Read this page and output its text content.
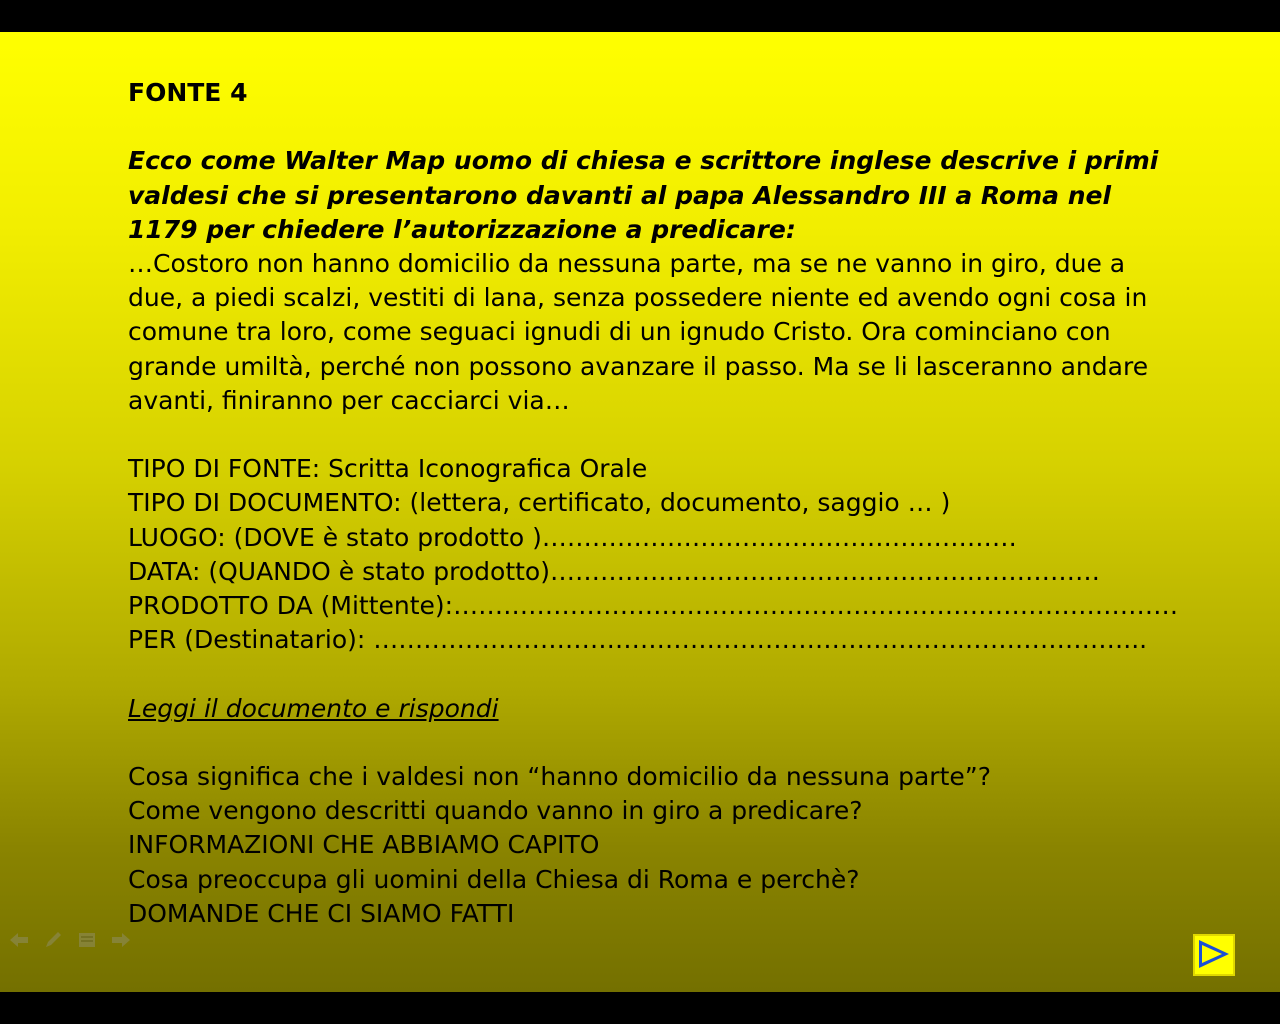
FONTE 4
Ecco come Walter Map uomo di chiesa e scrittore inglese descrive i primi valdesi che si presentarono davanti al papa Alessandro III a Roma nel 1179 per chiedere l’autorizzazione a predicare:
…Costoro non hanno domicilio da nessuna parte, ma se ne vanno in giro, due a due, a piedi scalzi, vestiti di lana, senza possedere niente ed avendo ogni cosa in comune tra loro, come seguaci ignudi di un ignudo Cristo. Ora cominciano con grande umiltà, perché non possono avanzare il passo. Ma se li lasceranno andare avanti, finiranno per cacciarci via…
TIPO DI FONTE: Scritta Iconografica Orale
TIPO DI DOCUMENTO: (lettera, certificato, documento, saggio … )
LUOGO: (DOVE è stato prodotto )…………………………………………………
DATA: (QUANDO è stato prodotto)…………………………………………………………
PRODOTTO DA (Mittente):……………………………………………………………………………
PER (Destinatario): ………………………………………………………………………………...
Leggi il documento e rispondi
Cosa significa che i valdesi non “hanno domicilio da nessuna parte”?
Come vengono descritti quando vanno in giro a predicare?
INFORMAZIONI CHE ABBIAMO CAPITO
Cosa preoccupa gli uomini della Chiesa di Roma e perchè?
DOMANDE CHE CI SIAMO FATTI
